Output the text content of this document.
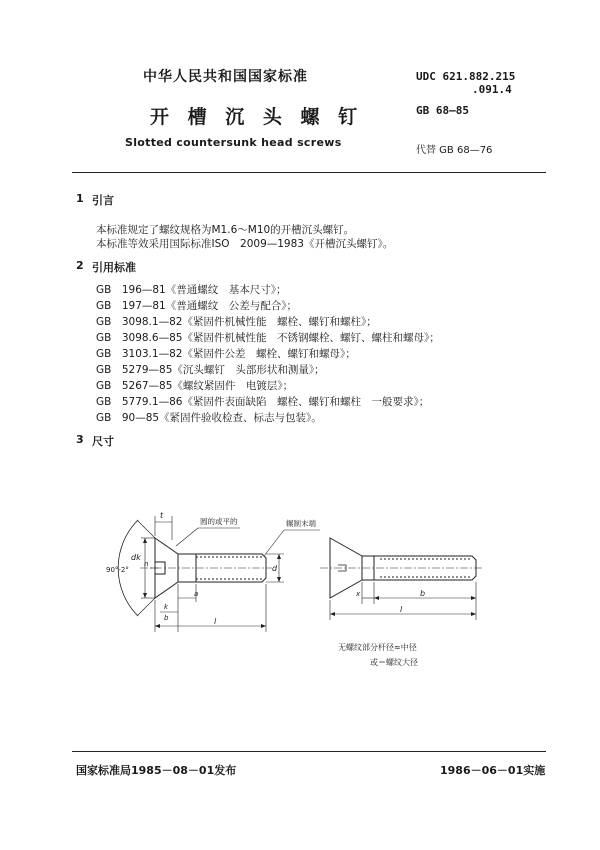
中华人民共和国国家标准
开 槽 沉 头 螺 钉
Slotted countersunk head screws
UDC 621.882.215
.091.4
GB 68—85
代替 GB 68—76
1 引言
本标准规定了螺纹规格为M1.6～M10的开槽沉头螺钉。
本标准等效采用国际标准ISO　2009—1983《开槽沉头螺钉》。
2 引用标准
GB　196—81《普通螺纹　基本尺寸》；
GB　197—81《普通螺纹　公差与配合》；
GB　3098.1—82《紧固件机械性能　螺栓、螺钉和螺柱》；
GB　3098.6—85《紧固件机械性能　不锈钢螺栓、螺钉、螺柱和螺母》；
GB　3103.1—82《紧固件公差　螺栓、螺钉和螺母》；
GB　5279—85《沉头螺钉　头部形状和测量》；
GB　5267—85《螺纹紧固件　电镀层》；
GB　5779.1—86《紧固件表面缺陷　螺栓、螺钉和螺柱　一般要求》；
GB　90—85《紧固件验收检查、标志与包装》。
3 尺寸
圆的或平的	辗制末端
90°-2°
dk
n
t
d
a
k
b	l
x	b
l
无螺纹部分杆径≈中径
或＝螺纹大径
国家标准局1985－08－01发布	1986－06－01实施
